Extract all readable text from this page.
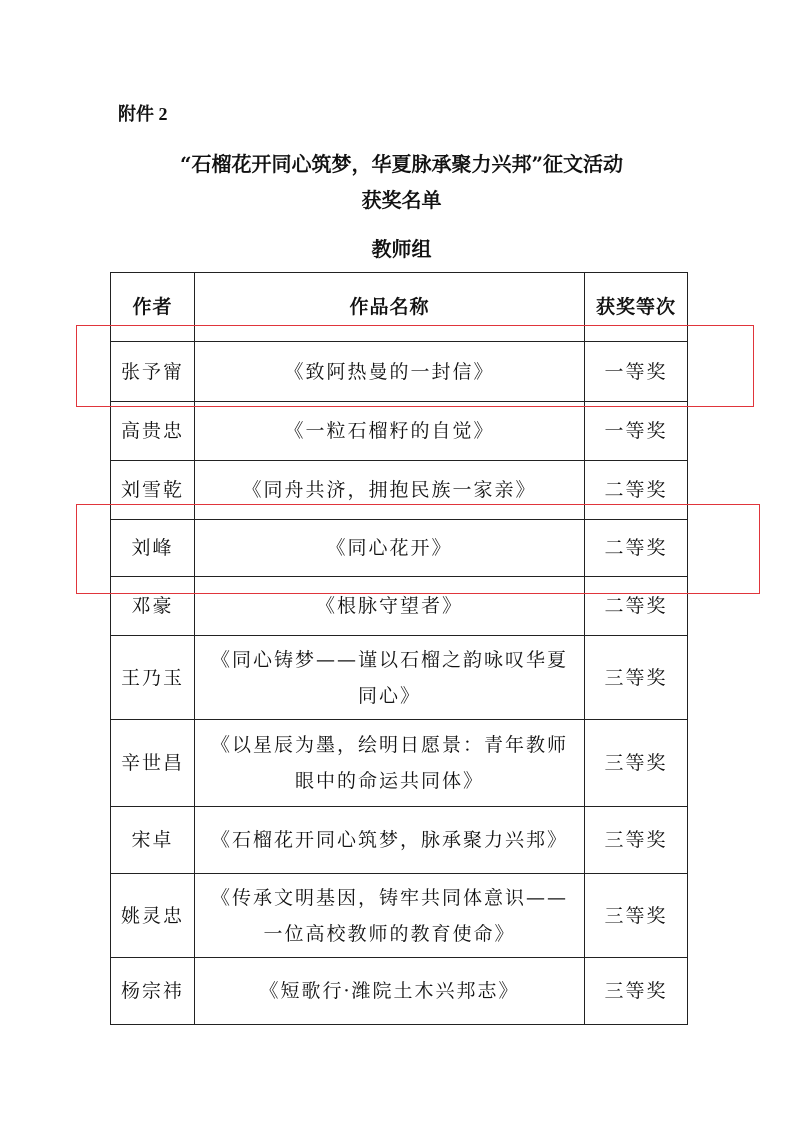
附件 2
“石榴花开同心筑梦，华夏脉承聚力兴邦”征文活动
获奖名单
教师组
作者	作品名称	获奖等次
张予甯	《致阿热曼的一封信》	一等奖
高贵忠	《一粒石榴籽的自觉》	一等奖
刘雪乾	《同舟共济，拥抱民族一家亲》	二等奖
刘峰	《同心花开》	二等奖
邓豪	《根脉守望者》	二等奖
王乃玉	《同心铸梦——谨以石榴之韵咏叹华夏同心》	三等奖
辛世昌	《以星辰为墨，绘明日愿景：青年教师眼中的命运共同体》	三等奖
宋卓	《石榴花开同心筑梦，脉承聚力兴邦》	三等奖
姚灵忠	《传承文明基因，铸牢共同体意识——一位高校教师的教育使命》	三等奖
杨宗祎	《短歌行·潍院土木兴邦志》	三等奖
